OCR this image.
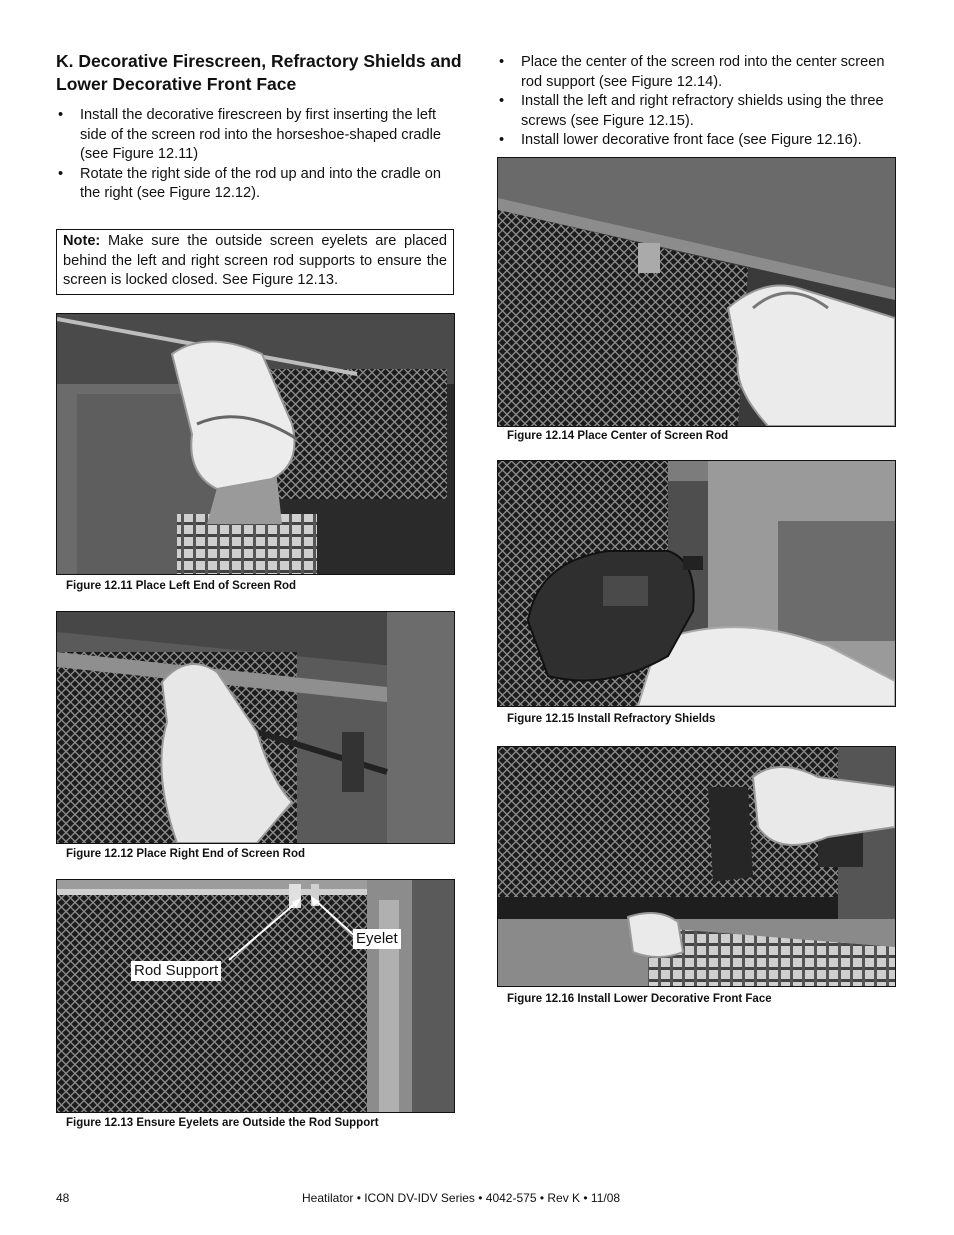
K. Decorative Firescreen, Refractory Shields and Lower Decorative Front Face
• Install the decorative firescreen by first inserting the left side of the screen rod into the horseshoe-shaped cradle (see Figure 12.11)
• Rotate the right side of the rod up and into the cradle on the right (see Figure 12.12).
Note: Make sure the outside screen eyelets are placed behind the left and right screen rod supports to ensure the screen is locked closed. See Figure 12.13.
• Place the center of the screen rod into the center screen rod support (see Figure 12.14).
• Install the left and right refractory shields using the three screws (see Figure 12.15).
• Install lower decorative front face (see Figure 12.16).
Figure 12.11 Place Left End of Screen Rod
Figure 12.12 Place Right End of Screen Rod
Eyelet
Rod Support
Figure 12.13 Ensure Eyelets are Outside the Rod Support
Figure 12.14 Place Center of Screen Rod
Figure 12.15 Install Refractory Shields
Figure 12.16 Install Lower Decorative Front Face
48	Heatilator • ICON DV-IDV Series • 4042-575 • Rev K • 11/08
